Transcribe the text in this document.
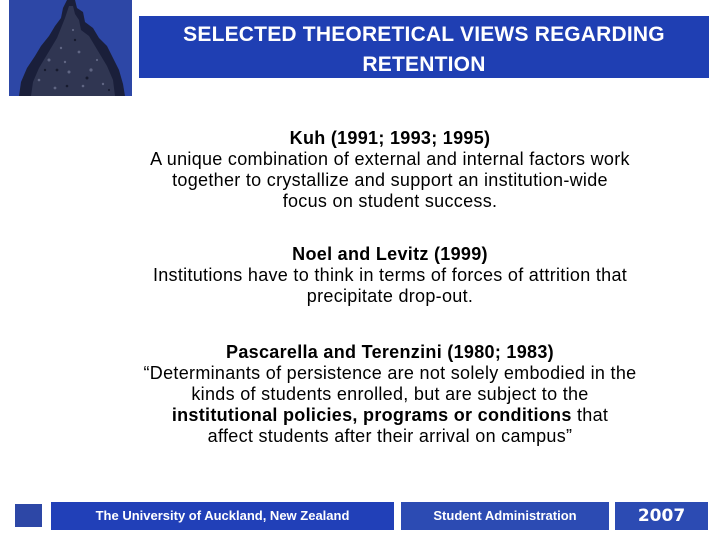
SELECTED THEORETICAL VIEWS REGARDING
RETENTION

Kuh (1991; 1993; 1995)

A unique combination of external and internal factors work

together to crystallize and support an institution-wide

focus on student success.

Noel and Levitz (1999)

Institutions have to think in terms of forces of attrition that

precipitate drop-out.

Pascarella and Terenzini (1980; 1983)

“Determinants of persistence are not solely embodied in the

kinds of students enrolled, but are subject to the

institutional policies, programs or conditions that

affect students after their arrival on campus”

The University of Auckland, New Zealand	Student Administration	2007
